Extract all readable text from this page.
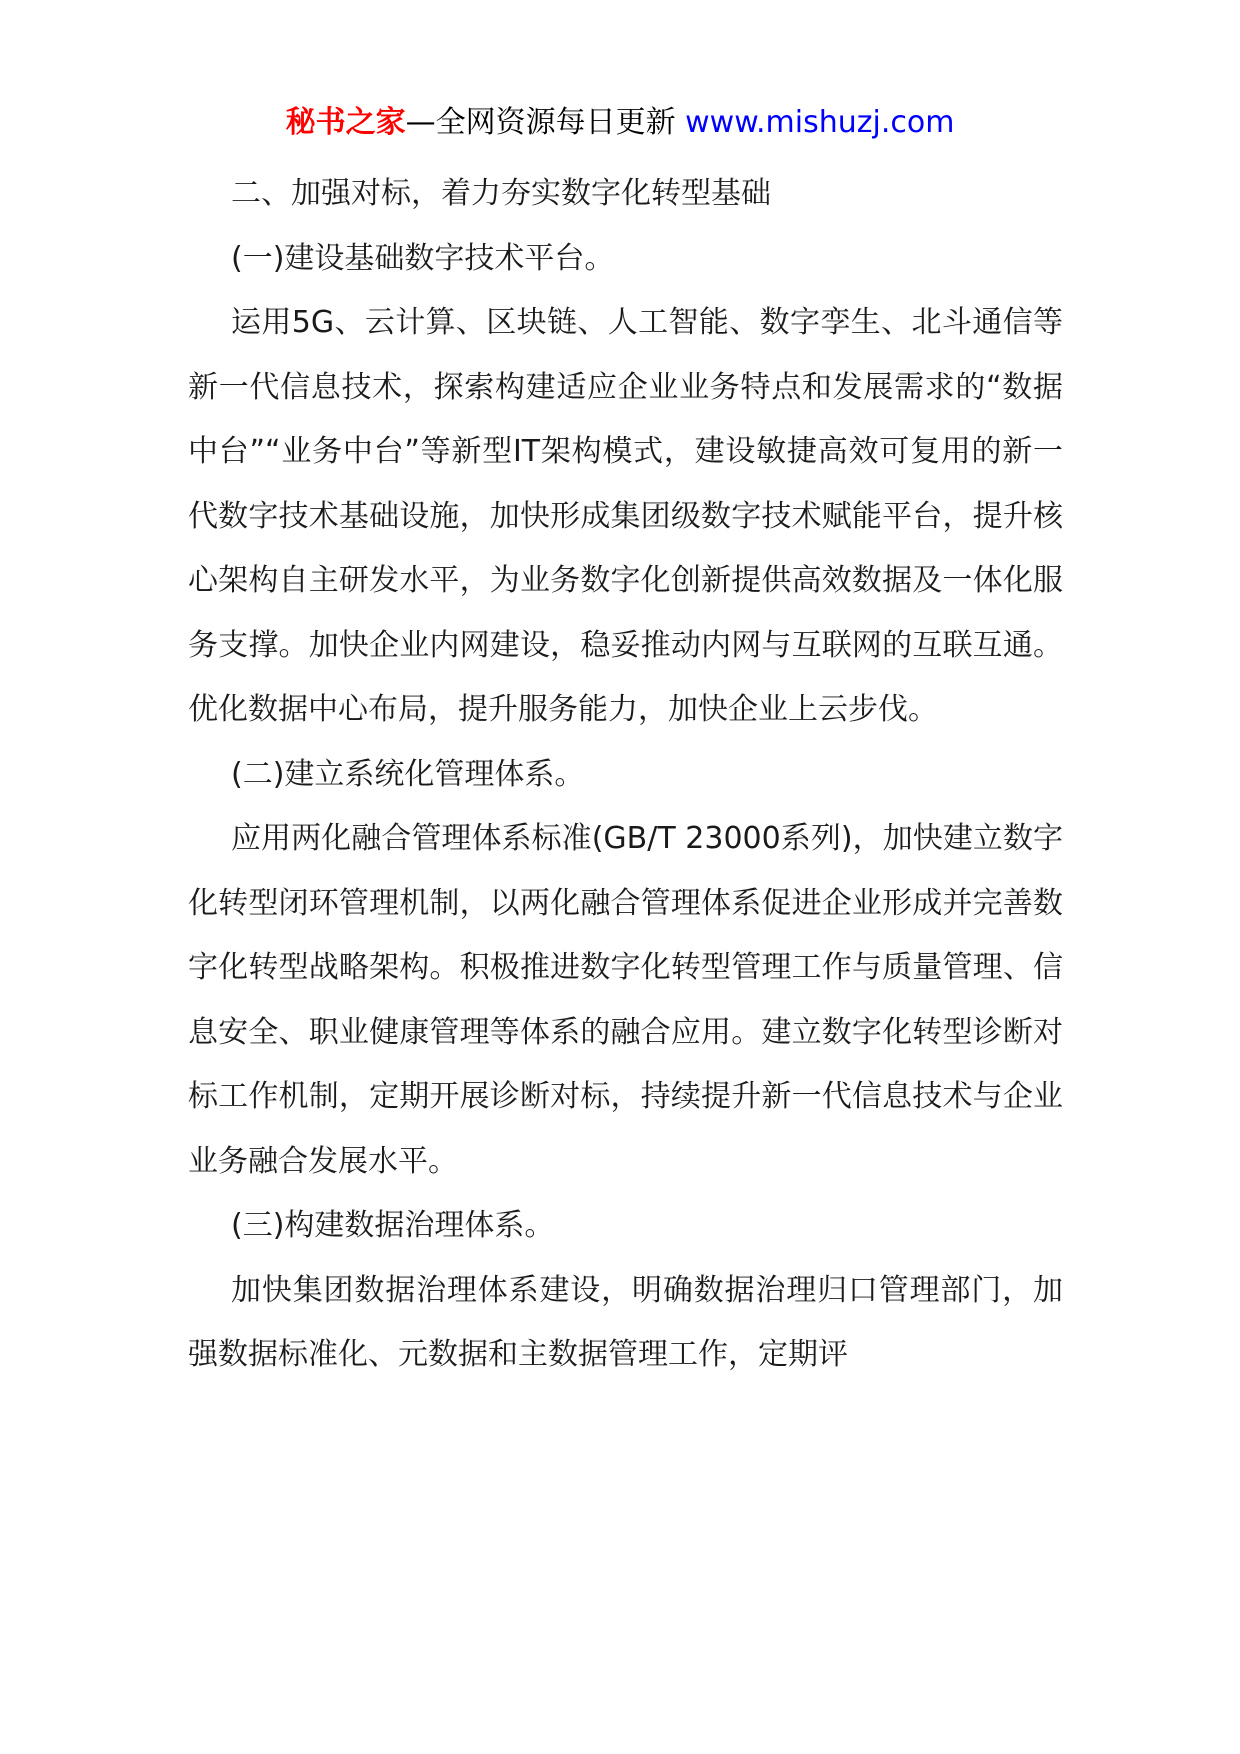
秘书之家—全网资源每日更新 www.mishuzj.com

二、加强对标，着力夯实数字化转型基础

(一)建设基础数字技术平台。

运用5G、云计算、区块链、人工智能、数字孪生、北斗通信等新一代信息技术，探索构建适应企业业务特点和发展需求的“数据中台”“业务中台”等新型IT架构模式，建设敏捷高效可复用的新一代数字技术基础设施，加快形成集团级数字技术赋能平台，提升核心架构自主研发水平，为业务数字化创新提供高效数据及一体化服务支撑。加快企业内网建设，稳妥推动内网与互联网的互联互通。优化数据中心布局，提升服务能力，加快企业上云步伐。

(二)建立系统化管理体系。

应用两化融合管理体系标准(GB/T 23000系列)，加快建立数字化转型闭环管理机制，以两化融合管理体系促进企业形成并完善数字化转型战略架构。积极推进数字化转型管理工作与质量管理、信息安全、职业健康管理等体系的融合应用。建立数字化转型诊断对标工作机制，定期开展诊断对标，持续提升新一代信息技术与企业业务融合发展水平。

(三)构建数据治理体系。

加快集团数据治理体系建设，明确数据治理归口管理部门，加强数据标准化、元数据和主数据管理工作，定期评
